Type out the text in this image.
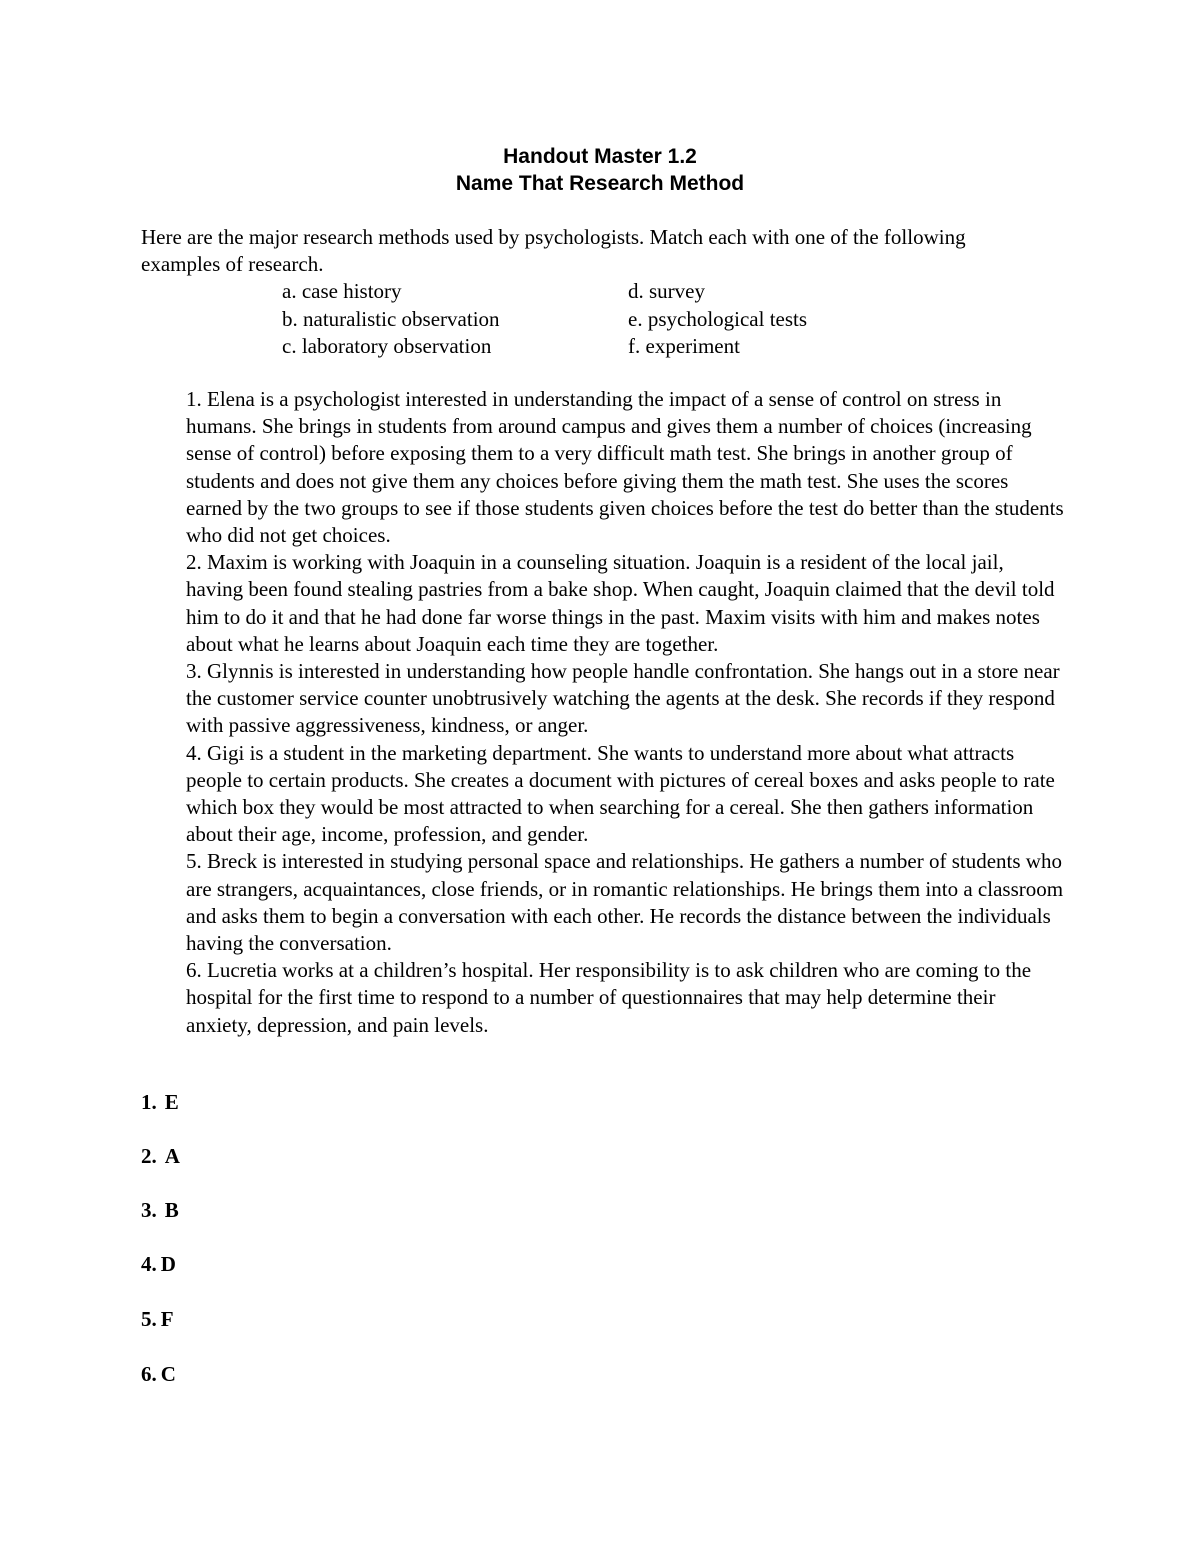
Handout Master 1.2
Name That Research Method

Here are the major research methods used by psychologists. Match each with one of the following examples of research.

a. case history
b. naturalistic observation
c. laboratory observation
d. survey
e. psychological tests
f. experiment

1. Elena is a psychologist interested in understanding the impact of a sense of control on stress in humans. She brings in students from around campus and gives them a number of choices (increasing sense of control) before exposing them to a very difficult math test. She brings in another group of students and does not give them any choices before giving them the math test. She uses the scores earned by the two groups to see if those students given choices before the test do better than the students who did not get choices.

2. Maxim is working with Joaquin in a counseling situation. Joaquin is a resident of the local jail, having been found stealing pastries from a bake shop. When caught, Joaquin claimed that the devil told him to do it and that he had done far worse things in the past. Maxim visits with him and makes notes about what he learns about Joaquin each time they are together.

3. Glynnis is interested in understanding how people handle confrontation. She hangs out in a store near the customer service counter unobtrusively watching the agents at the desk. She records if they respond with passive aggressiveness, kindness, or anger.

4. Gigi is a student in the marketing department. She wants to understand more about what attracts people to certain products. She creates a document with pictures of cereal boxes and asks people to rate which box they would be most attracted to when searching for a cereal. She then gathers information about their age, income, profession, and gender.

5. Breck is interested in studying personal space and relationships. He gathers a number of students who are strangers, acquaintances, close friends, or in romantic relationships. He brings them into a classroom and asks them to begin a conversation with each other. He records the distance between the individuals having the conversation.

6. Lucretia works at a children’s hospital. Her responsibility is to ask children who are coming to the hospital for the first time to respond to a number of questionnaires that may help determine their anxiety, depression, and pain levels.

1. E
2. A
3. B
4. D
5. F
6. C
